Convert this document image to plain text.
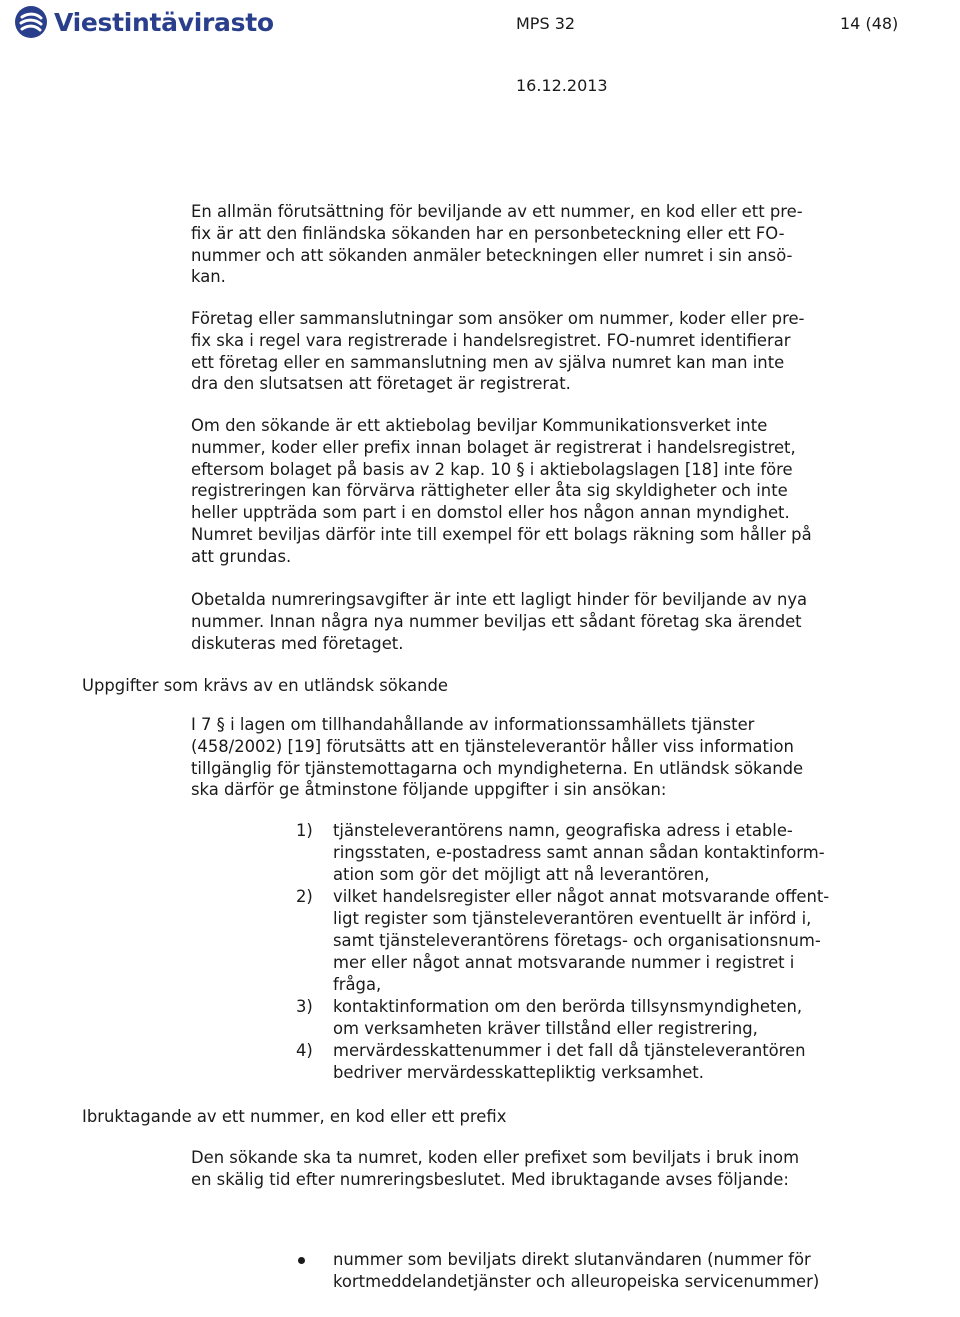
Viestintävirasto	MPS 32	14 (48)
16.12.2013
En allmän förutsättning för beviljande av ett nummer, en kod eller ett pre-
fix är att den finländska sökanden har en personbeteckning eller ett FO-
nummer och att sökanden anmäler beteckningen eller numret i sin ansö-
kan.
Företag eller sammanslutningar som ansöker om nummer, koder eller pre-
fix ska i regel vara registrerade i handelsregistret. FO-numret identifierar
ett företag eller en sammanslutning men av själva numret kan man inte
dra den slutsatsen att företaget är registrerat.
Om den sökande är ett aktiebolag beviljar Kommunikationsverket inte
nummer, koder eller prefix innan bolaget är registrerat i handelsregistret,
eftersom bolaget på basis av 2 kap. 10 § i aktiebolagslagen [18] inte före
registreringen kan förvärva rättigheter eller åta sig skyldigheter och inte
heller uppträda som part i en domstol eller hos någon annan myndighet.
Numret beviljas därför inte till exempel för ett bolags räkning som håller på
att grundas.
Obetalda numreringsavgifter är inte ett lagligt hinder för beviljande av nya
nummer. Innan några nya nummer beviljas ett sådant företag ska ärendet
diskuteras med företaget.
Uppgifter som krävs av en utländsk sökande
I 7 § i lagen om tillhandahållande av informationssamhällets tjänster
(458/2002) [19] förutsätts att en tjänsteleverantör håller viss information
tillgänglig för tjänstemottagarna och myndigheterna. En utländsk sökande
ska därför ge åtminstone följande uppgifter i sin ansökan:
1) tjänsteleverantörens namn, geografiska adress i etable-
ringsstaten, e-postadress samt annan sådan kontaktinform-
ation som gör det möjligt att nå leverantören,
2) vilket handelsregister eller något annat motsvarande offent-
ligt register som tjänsteleverantören eventuellt är införd i,
samt tjänsteleverantörens företags- och organisationsnum-
mer eller något annat motsvarande nummer i registret i
fråga,
3) kontaktinformation om den berörda tillsynsmyndigheten,
om verksamheten kräver tillstånd eller registrering,
4) mervärdesskattenummer i det fall då tjänsteleverantören
bedriver mervärdesskattepliktig verksamhet.
Ibruktagande av ett nummer, en kod eller ett prefix
Den sökande ska ta numret, koden eller prefixet som beviljats i bruk inom
en skälig tid efter numreringsbeslutet. Med ibruktagande avses följande:
nummer som beviljats direkt slutanvändaren (nummer för
kortmeddelandetjänster och alleuropeiska servicenummer)
